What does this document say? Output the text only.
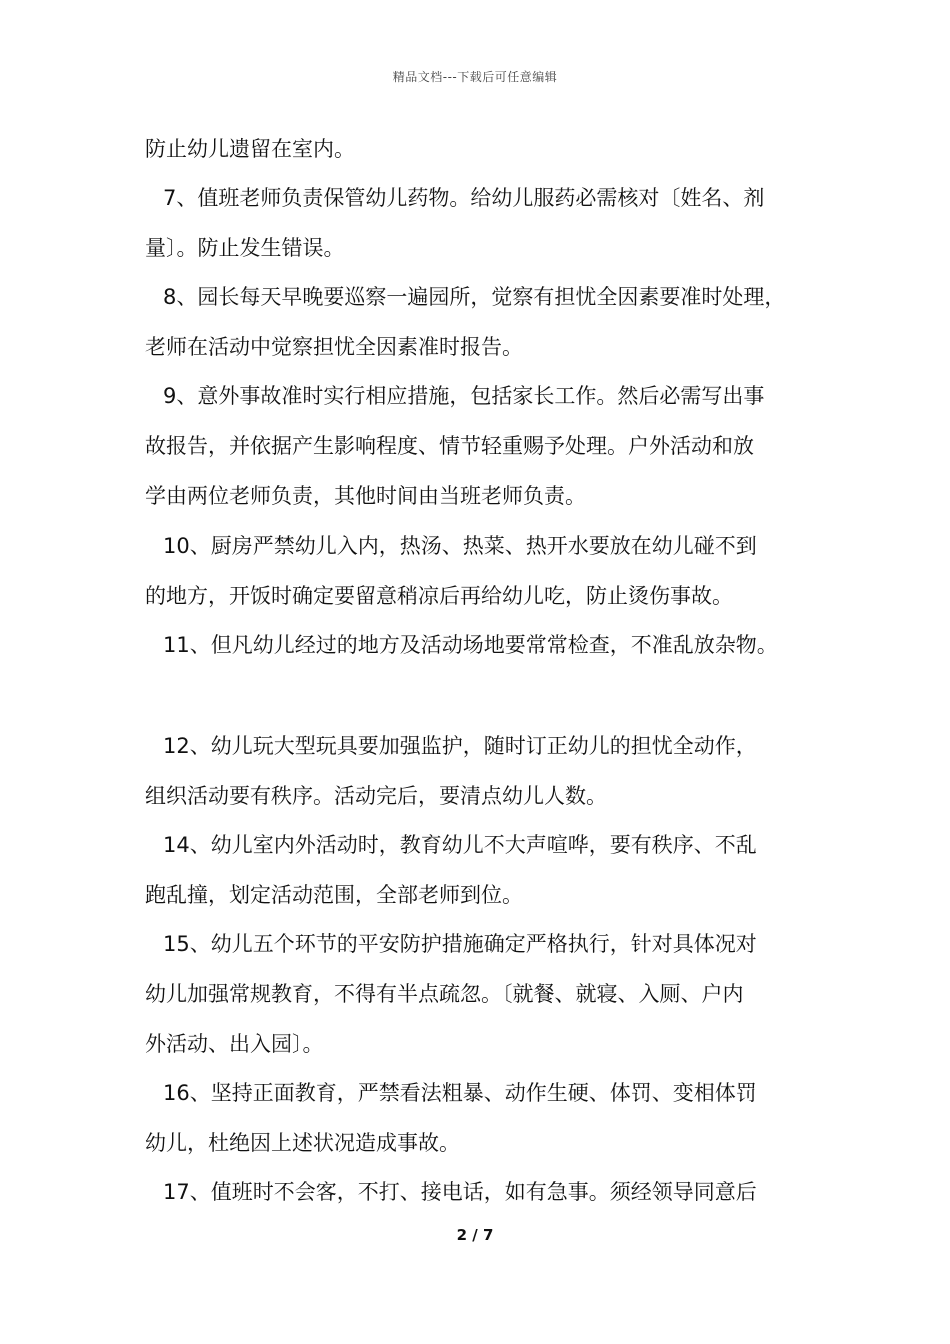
精品文档---下载后可任意编辑
防止幼儿遗留在室内。
7、值班老师负责保管幼儿药物。给幼儿服药必需核对〔姓名、剂
量〕。防止发生错误。
8、园长每天早晚要巡察一遍园所，觉察有担忧全因素要准时处理，
老师在活动中觉察担忧全因素准时报告。
9、意外事故准时实行相应措施，包括家长工作。然后必需写出事
故报告，并依据产生影响程度、情节轻重赐予处理。户外活动和放
学由两位老师负责，其他时间由当班老师负责。
10、厨房严禁幼儿入内，热汤、热菜、热开水要放在幼儿碰不到
的地方，开饭时确定要留意稍凉后再给幼儿吃，防止烫伤事故。
11、但凡幼儿经过的地方及活动场地要常常检查，不准乱放杂物。
12、幼儿玩大型玩具要加强监护，随时订正幼儿的担忧全动作，
组织活动要有秩序。活动完后，要清点幼儿人数。
14、幼儿室内外活动时，教育幼儿不大声喧哗，要有秩序、不乱
跑乱撞，划定活动范围，全部老师到位。
15、幼儿五个环节的平安防护措施确定严格执行，针对具体况对
幼儿加强常规教育，不得有半点疏忽。〔就餐、就寝、入厕、户内
外活动、出入园〕。
16、坚持正面教育，严禁看法粗暴、动作生硬、体罚、变相体罚
幼儿，杜绝因上述状况造成事故。
17、值班时不会客，不打、接电话，如有急事。须经领导同意后
2 / 7
